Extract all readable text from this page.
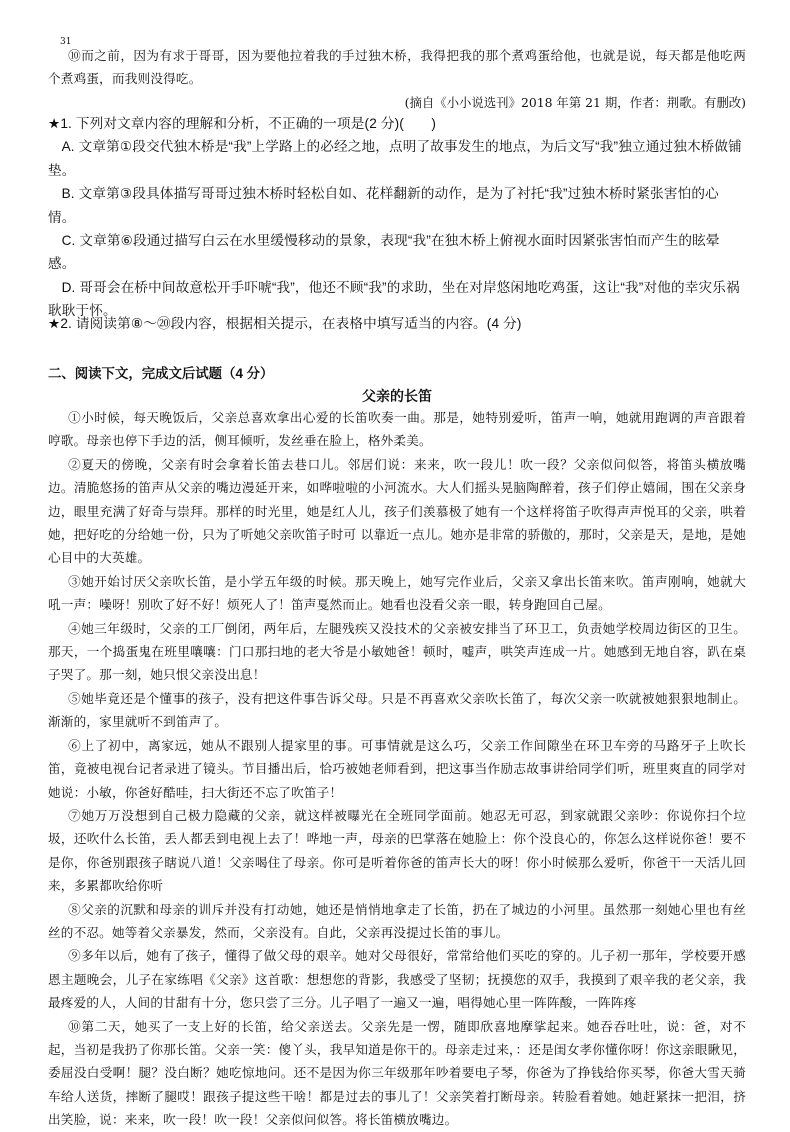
⑩而之前，因为有求于哥哥，因为要他拉着我的手过独木桥，我得把我的那个煮鸡蛋给他，也就是说，每天都是他吃两个煮鸡蛋，而我则没得吃。

31

(摘自《小小说选刊》2018 年第 21 期，作者：荆歌。有删改)

★1. 下列对文章内容的理解和分析，不正确的一项是(2 分)(　　)

A. 文章第①段交代独木桥是“我”上学路上的必经之地，点明了故事发生的地点，为后文写“我”独立通过独木桥做铺垫。

B. 文章第③段具体描写哥哥过独木桥时轻松自如、花样翻新的动作，是为了衬托“我”过独木桥时紧张害怕的心情。

C. 文章第⑥段通过描写白云在水里缓慢移动的景象，表现“我”在独木桥上俯视水面时因紧张害怕而产生的眩晕感。

D. 哥哥会在桥中间故意松开手吓唬“我”，他还不顾“我”的求助，坐在对岸悠闲地吃鸡蛋，这让“我”对他的幸灾乐祸耿耿于怀。

★2. 请阅读第⑧～⑳段内容，根据相关提示，在表格中填写适当的内容。(4 分)

二、阅读下文，完成文后试题（4 分）

父亲的长笛

①小时候，每天晚饭后，父亲总喜欢拿出心爱的长笛吹奏一曲。那是，她特别爱听，笛声一响，她就用跑调的声音跟着哼歌。母亲也停下手边的活，侧耳倾听，发丝垂在脸上，格外柔美。

②夏天的傍晚，父亲有时会拿着长笛去巷口儿。邻居们说：来来，吹一段儿！吹一段？父亲似问似答，将笛头横放嘴边。清脆悠扬的笛声从父亲的嘴边漫延开来，如哗啦啦的小河流水。大人们摇头晃脑陶醉着，孩子们停止嬉闹，围在父亲身边，眼里充满了好奇与崇拜。那样的时光里，她是红人儿，孩子们羡慕极了她有一个这样将笛子吹得声声悦耳的父亲，哄着她，把好吃的分给她一份，只为了听她父亲吹笛子时可 以靠近一点儿。她亦是非常的骄傲的，那时，父亲是天，是地，是她心目中的大英雄。

③她开始讨厌父亲吹长笛，是小学五年级的时候。那天晚上，她写完作业后，父亲又拿出长笛来吹。笛声刚响，她就大吼一声：噪呀！别吹了好不好！烦死人了！笛声戛然而止。她看也没看父亲一眼，转身跑回自己屋。

④她三年级时，父亲的工厂倒闭，两年后，左腿残疾又没技术的父亲被安排当了环卫工，负责她学校周边街区的卫生。那天，一个捣蛋鬼在班里嚷嚷：门口那扫地的老大爷是小敏她爸！顿时，嘘声，哄笑声连成一片。她感到无地自容，趴在桌子哭了。那一刻，她只恨父亲没出息！

⑤她毕竟还是个懂事的孩子，没有把这件事告诉父母。只是不再喜欢父亲吹长笛了，每次父亲一吹就被她狠狠地制止。渐渐的，家里就听不到笛声了。

⑥上了初中，离家远，她从不跟别人提家里的事。可事情就是这么巧，父亲工作间隙坐在环卫车旁的马路牙子上吹长笛，竟被电视台记者录进了镜头。节目播出后，恰巧被她老师看到，把这事当作励志故事讲给同学们听，班里爽直的同学对她说：小敏，你爸好酷哇，扫大街还不忘了吹笛子！

⑦她万万没想到自己极力隐藏的父亲，就这样被曝光在全班同学面前。她忍无可忍，到家就跟父亲吵：你说你扫个垃圾，还吹什么长笛，丢人都丢到电视上去了！哗地一声，母亲的巴掌落在她脸上：你个没良心的，你怎么这样说你爸！要不是你，你爸别跟孩子瞎说八道！父亲喝住了母亲。你可是听着你爸的笛声长大的呀！你小时候那么爱听，你爸干一天活儿回来，多累都吹给你听

⑧父亲的沉默和母亲的训斥并没有打动她，她还是悄悄地拿走了长笛，扔在了城边的小河里。虽然那一刻她心里也有丝丝的不忍。她等着父亲暴发，然而，父亲没有。自此，父亲再没提过长笛的事儿。

⑨多年以后，她有了孩子，懂得了做父母的艰辛。她对父母很好，常常给他们买吃的穿的。儿子初一那年，学校要开感恩主题晚会，儿子在家练唱《父亲》这首歌：想想您的背影，我感受了坚韧；抚摸您的双手，我摸到了艰辛我的老父亲，我最疼爱的人，人间的甘甜有十分，您只尝了三分。儿子唱了一遍又一遍，唱得她心里一阵阵酸，一阵阵疼

⑩第二天，她买了一支上好的长笛，给父亲送去。父亲先是一愣，随即欣喜地摩挲起来。她吞吞吐吐，说：爸，对不起，当初是我扔了你那长笛。父亲一笑：傻丫头，我早知道是你干的。母亲走过来，：还是闺女孝你懂你呀！你这亲眼瞅见，委屈没白受啊！腿？没白断？她吃惊地问。还不是因为你三年级那年吵着要电子琴，你爸为了挣钱给你买琴，你爸大雪天骑车给人送货，摔断了腿哎！跟孩子提这些干啥！都是过去的事儿了！父亲笑着打断母亲。转脸看着她。她赶紧抹一把泪，挤出笑脸，说：来来，吹一段！吹一段！父亲似问似答。将长笛横放嘴边。
